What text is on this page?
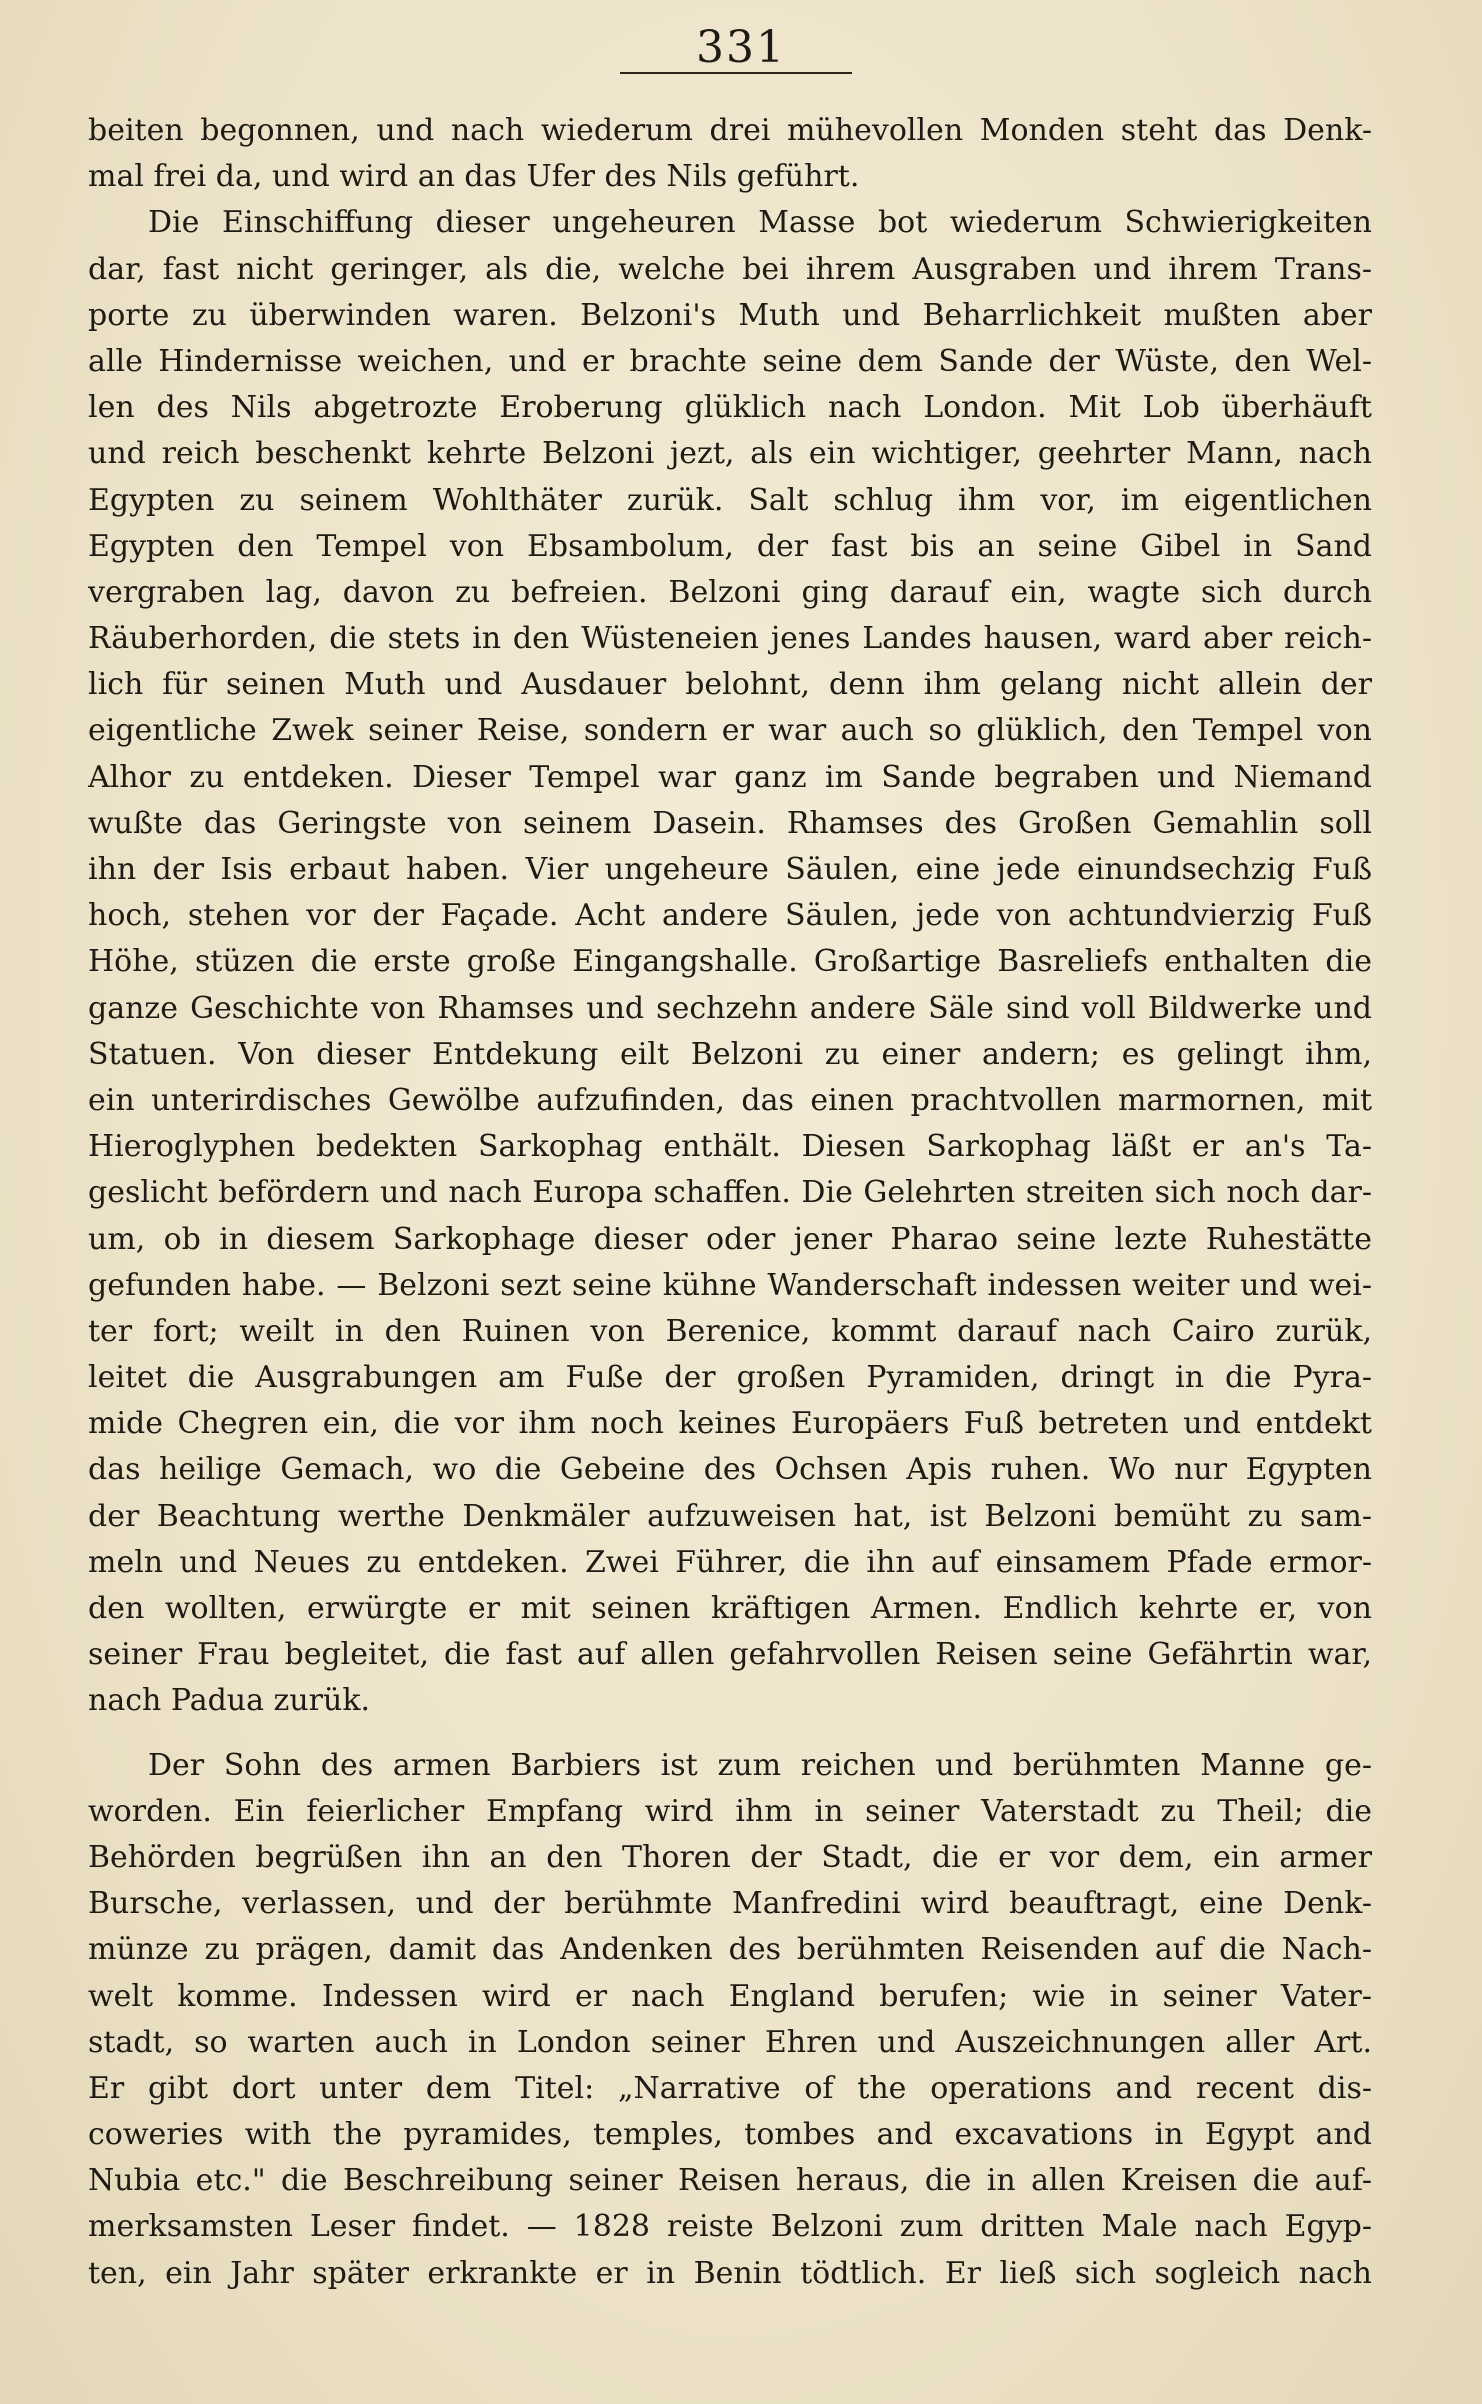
331
beiten begonnen, und nach wiederum drei mühevollen Monden steht das Denk-
mal frei da, und wird an das Ufer des Nils geführt.
Die Einschiffung dieser ungeheuren Masse bot wiederum Schwierigkeiten
dar, fast nicht geringer, als die, welche bei ihrem Ausgraben und ihrem Trans-
porte zu überwinden waren. Belzoni's Muth und Beharrlichkeit mußten aber
alle Hindernisse weichen, und er brachte seine dem Sande der Wüste, den Wel-
len des Nils abgetrozte Eroberung glüklich nach London. Mit Lob überhäuft
und reich beschenkt kehrte Belzoni jezt, als ein wichtiger, geehrter Mann, nach
Egypten zu seinem Wohlthäter zurük. Salt schlug ihm vor, im eigentlichen
Egypten den Tempel von Ebsambolum, der fast bis an seine Gibel in Sand
vergraben lag, davon zu befreien. Belzoni ging darauf ein, wagte sich durch
Räuberhorden, die stets in den Wüsteneien jenes Landes hausen, ward aber reich-
lich für seinen Muth und Ausdauer belohnt, denn ihm gelang nicht allein der
eigentliche Zwek seiner Reise, sondern er war auch so glüklich, den Tempel von
Alhor zu entdeken. Dieser Tempel war ganz im Sande begraben und Niemand
wußte das Geringste von seinem Dasein. Rhamses des Großen Gemahlin soll
ihn der Isis erbaut haben. Vier ungeheure Säulen, eine jede einundsechzig Fuß
hoch, stehen vor der Façade. Acht andere Säulen, jede von achtundvierzig Fuß
Höhe, stüzen die erste große Eingangshalle. Großartige Basreliefs enthalten die
ganze Geschichte von Rhamses und sechzehn andere Säle sind voll Bildwerke und
Statuen. Von dieser Entdekung eilt Belzoni zu einer andern; es gelingt ihm,
ein unterirdisches Gewölbe aufzufinden, das einen prachtvollen marmornen, mit
Hieroglyphen bedekten Sarkophag enthält. Diesen Sarkophag läßt er an's Ta-
geslicht befördern und nach Europa schaffen. Die Gelehrten streiten sich noch dar-
um, ob in diesem Sarkophage dieser oder jener Pharao seine lezte Ruhestätte
gefunden habe. — Belzoni sezt seine kühne Wanderschaft indessen weiter und wei-
ter fort; weilt in den Ruinen von Berenice, kommt darauf nach Cairo zurük,
leitet die Ausgrabungen am Fuße der großen Pyramiden, dringt in die Pyra-
mide Chegren ein, die vor ihm noch keines Europäers Fuß betreten und entdekt
das heilige Gemach, wo die Gebeine des Ochsen Apis ruhen. Wo nur Egypten
der Beachtung werthe Denkmäler aufzuweisen hat, ist Belzoni bemüht zu sam-
meln und Neues zu entdeken. Zwei Führer, die ihn auf einsamem Pfade ermor-
den wollten, erwürgte er mit seinen kräftigen Armen. Endlich kehrte er, von
seiner Frau begleitet, die fast auf allen gefahrvollen Reisen seine Gefährtin war,
nach Padua zurük.
Der Sohn des armen Barbiers ist zum reichen und berühmten Manne ge-
worden. Ein feierlicher Empfang wird ihm in seiner Vaterstadt zu Theil; die
Behörden begrüßen ihn an den Thoren der Stadt, die er vor dem, ein armer
Bursche, verlassen, und der berühmte Manfredini wird beauftragt, eine Denk-
münze zu prägen, damit das Andenken des berühmten Reisenden auf die Nach-
welt komme. Indessen wird er nach England berufen; wie in seiner Vater-
stadt, so warten auch in London seiner Ehren und Auszeichnungen aller Art.
Er gibt dort unter dem Titel: „Narrative of the operations and recent dis-
coweries with the pyramides, temples, tombes and excavations in Egypt and
Nubia etc." die Beschreibung seiner Reisen heraus, die in allen Kreisen die auf-
merksamsten Leser findet. — 1828 reiste Belzoni zum dritten Male nach Egyp-
ten, ein Jahr später erkrankte er in Benin tödtlich. Er ließ sich sogleich nach
